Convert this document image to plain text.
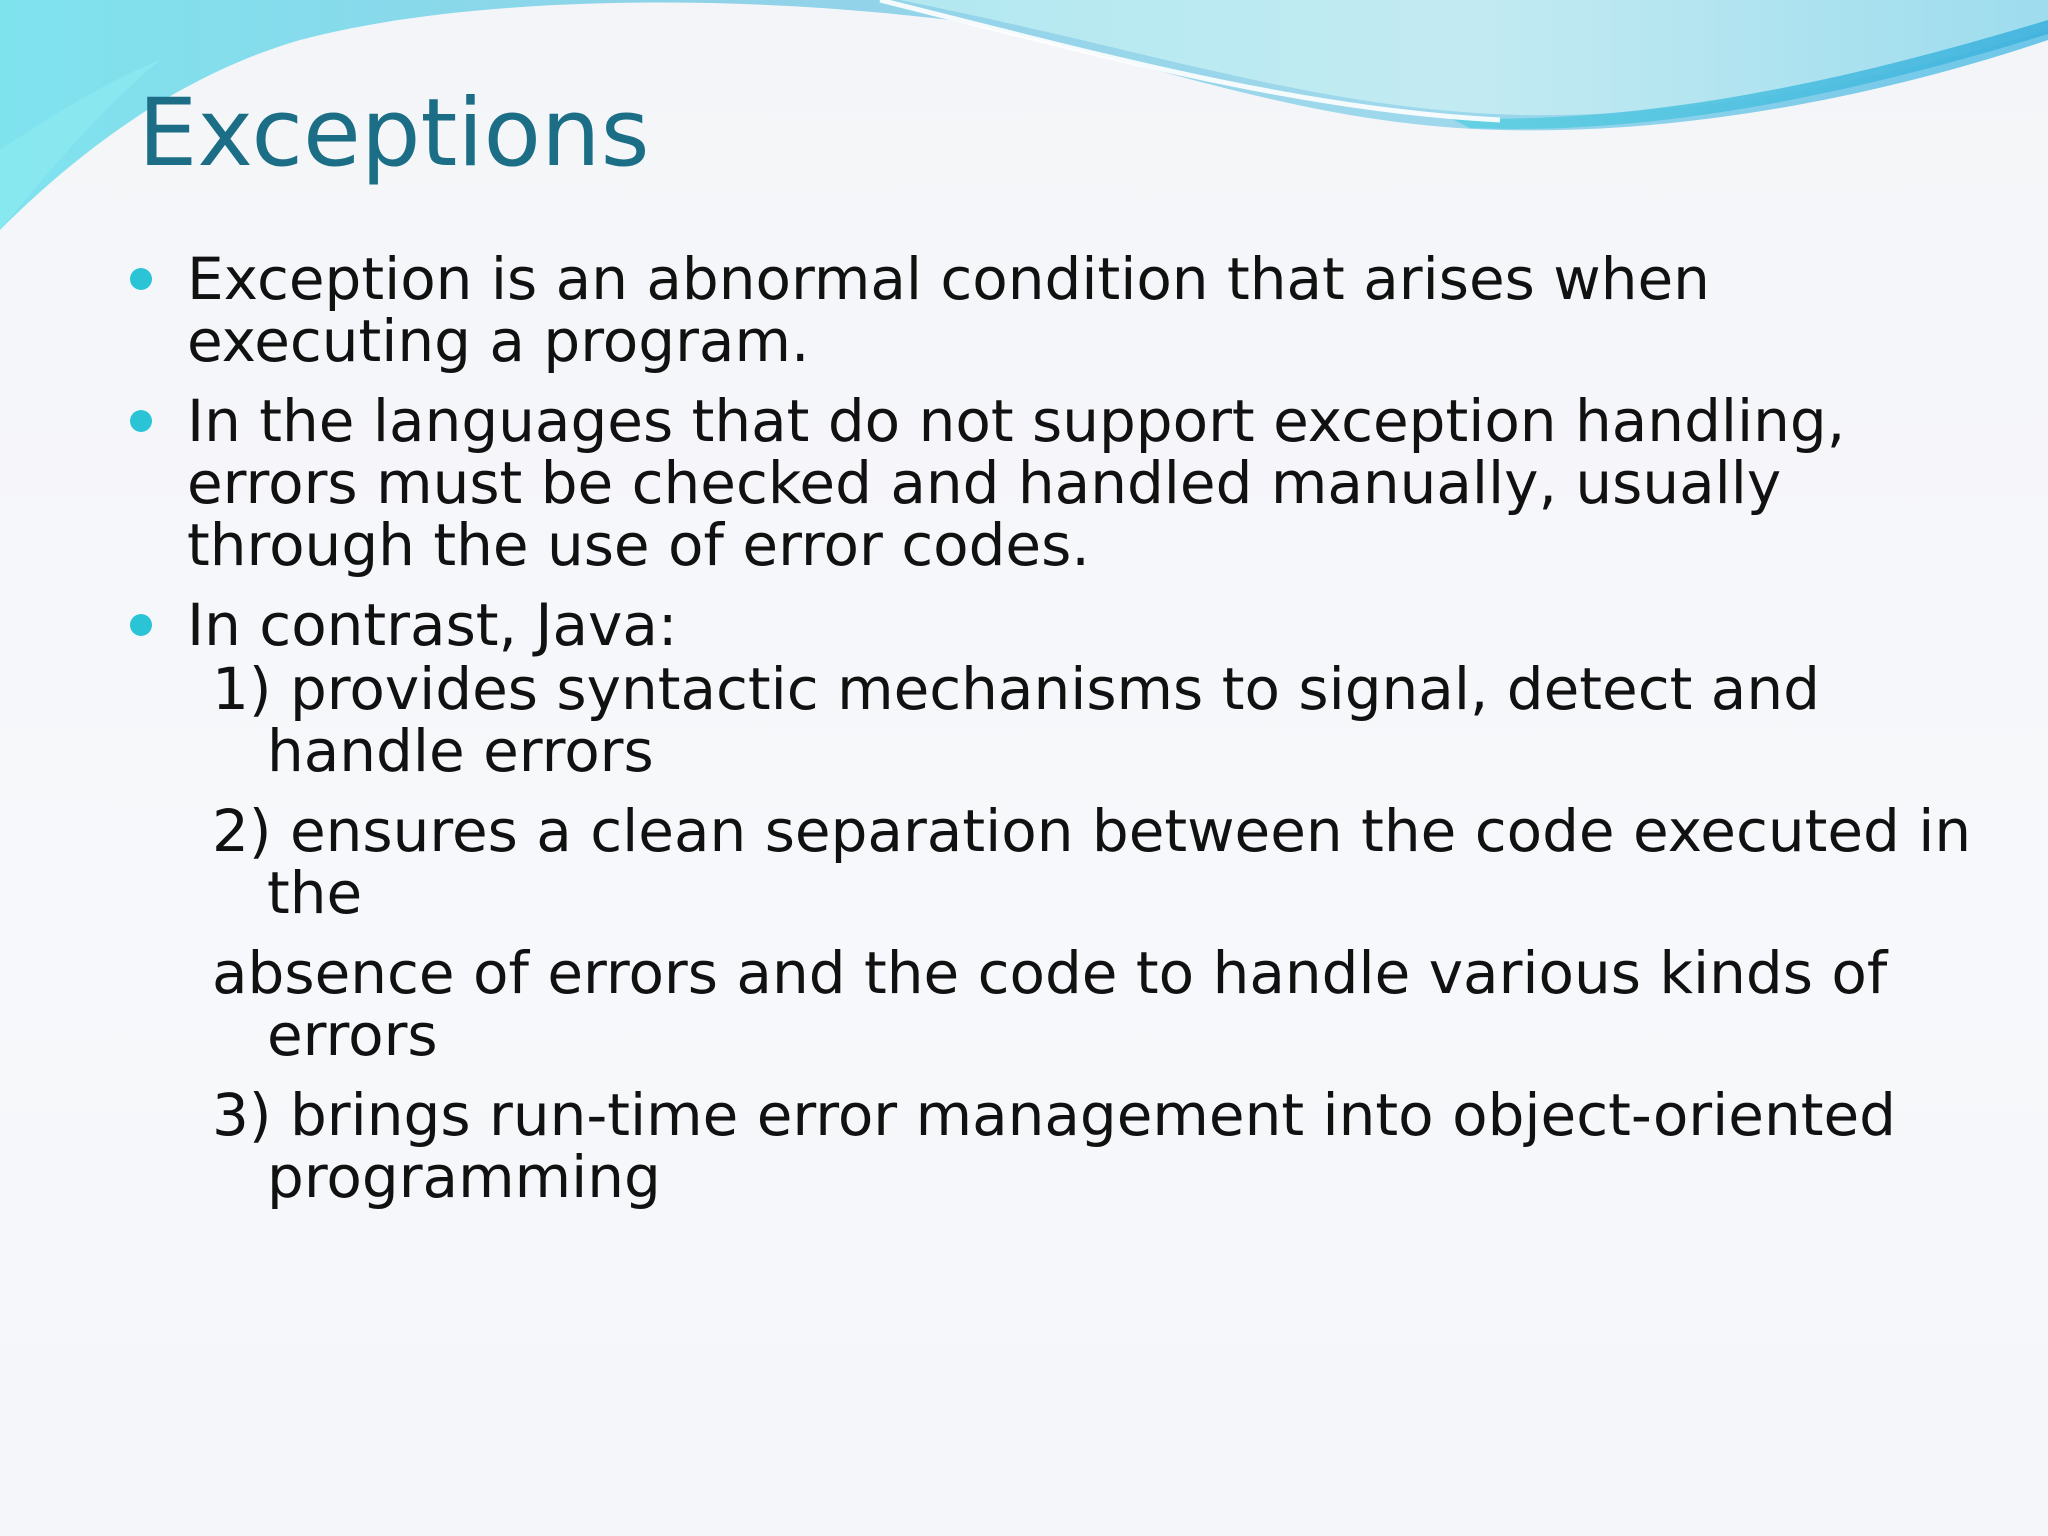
Exceptions
Exception is an abnormal condition that arises when executing a program.
In the languages that do not support exception handling, errors must be checked and handled manually, usually through the use of error codes.
In contrast, Java:
1) provides syntactic mechanisms to signal, detect and handle errors
2) ensures a clean separation between the code executed in the
absence of errors and the code to handle various kinds of errors
3) brings run-time error management into object-oriented programming
